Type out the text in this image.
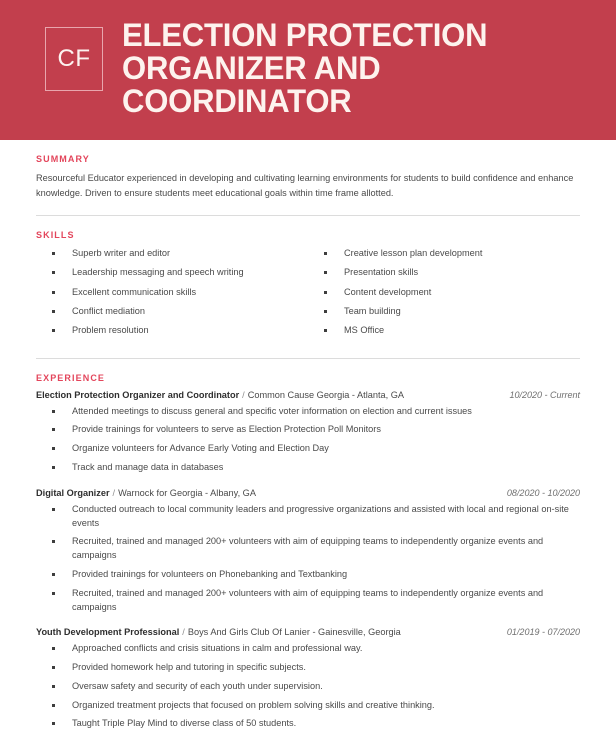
CF
ELECTION PROTECTION ORGANIZER AND COORDINATOR
SUMMARY

Resourceful Educator experienced in developing and cultivating learning environments for students to build confidence and enhance knowledge. Driven to ensure students meet educational goals within time frame allotted.

SKILLS
Superb writer and editor
Leadership messaging and speech writing
Excellent communication skills
Conflict mediation
Problem resolution
Creative lesson plan development
Presentation skills
Content development
Team building
MS Office
EXPERIENCE
Election Protection Organizer and Coordinator / Common Cause Georgia - Atlanta, GA	10/2020 - Current
Attended meetings to discuss general and specific voter information on election and current issues
Provide trainings for volunteers to serve as Election Protection Poll Monitors
Organize volunteers for Advance Early Voting and Election Day
Track and manage data in databases
Digital Organizer / Warnock for Georgia - Albany, GA	08/2020 - 10/2020
Conducted outreach to local community leaders and progressive organizations and assisted with local and regional on-site events
Recruited, trained and managed 200+ volunteers with aim of equipping teams to independently organize events and campaigns
Provided trainings for volunteers on Phonebanking and Textbanking
Recruited, trained and managed 200+ volunteers with aim of equipping teams to independently organize events and campaigns
Youth Development Professional / Boys And Girls Club Of Lanier - Gainesville, Georgia	01/2019 - 07/2020
Approached conflicts and crisis situations in calm and professional way.
Provided homework help and tutoring in specific subjects.
Oversaw safety and security of each youth under supervision.
Organized treatment projects that focused on problem solving skills and creative thinking.
Taught Triple Play Mind to diverse class of 50 students.
